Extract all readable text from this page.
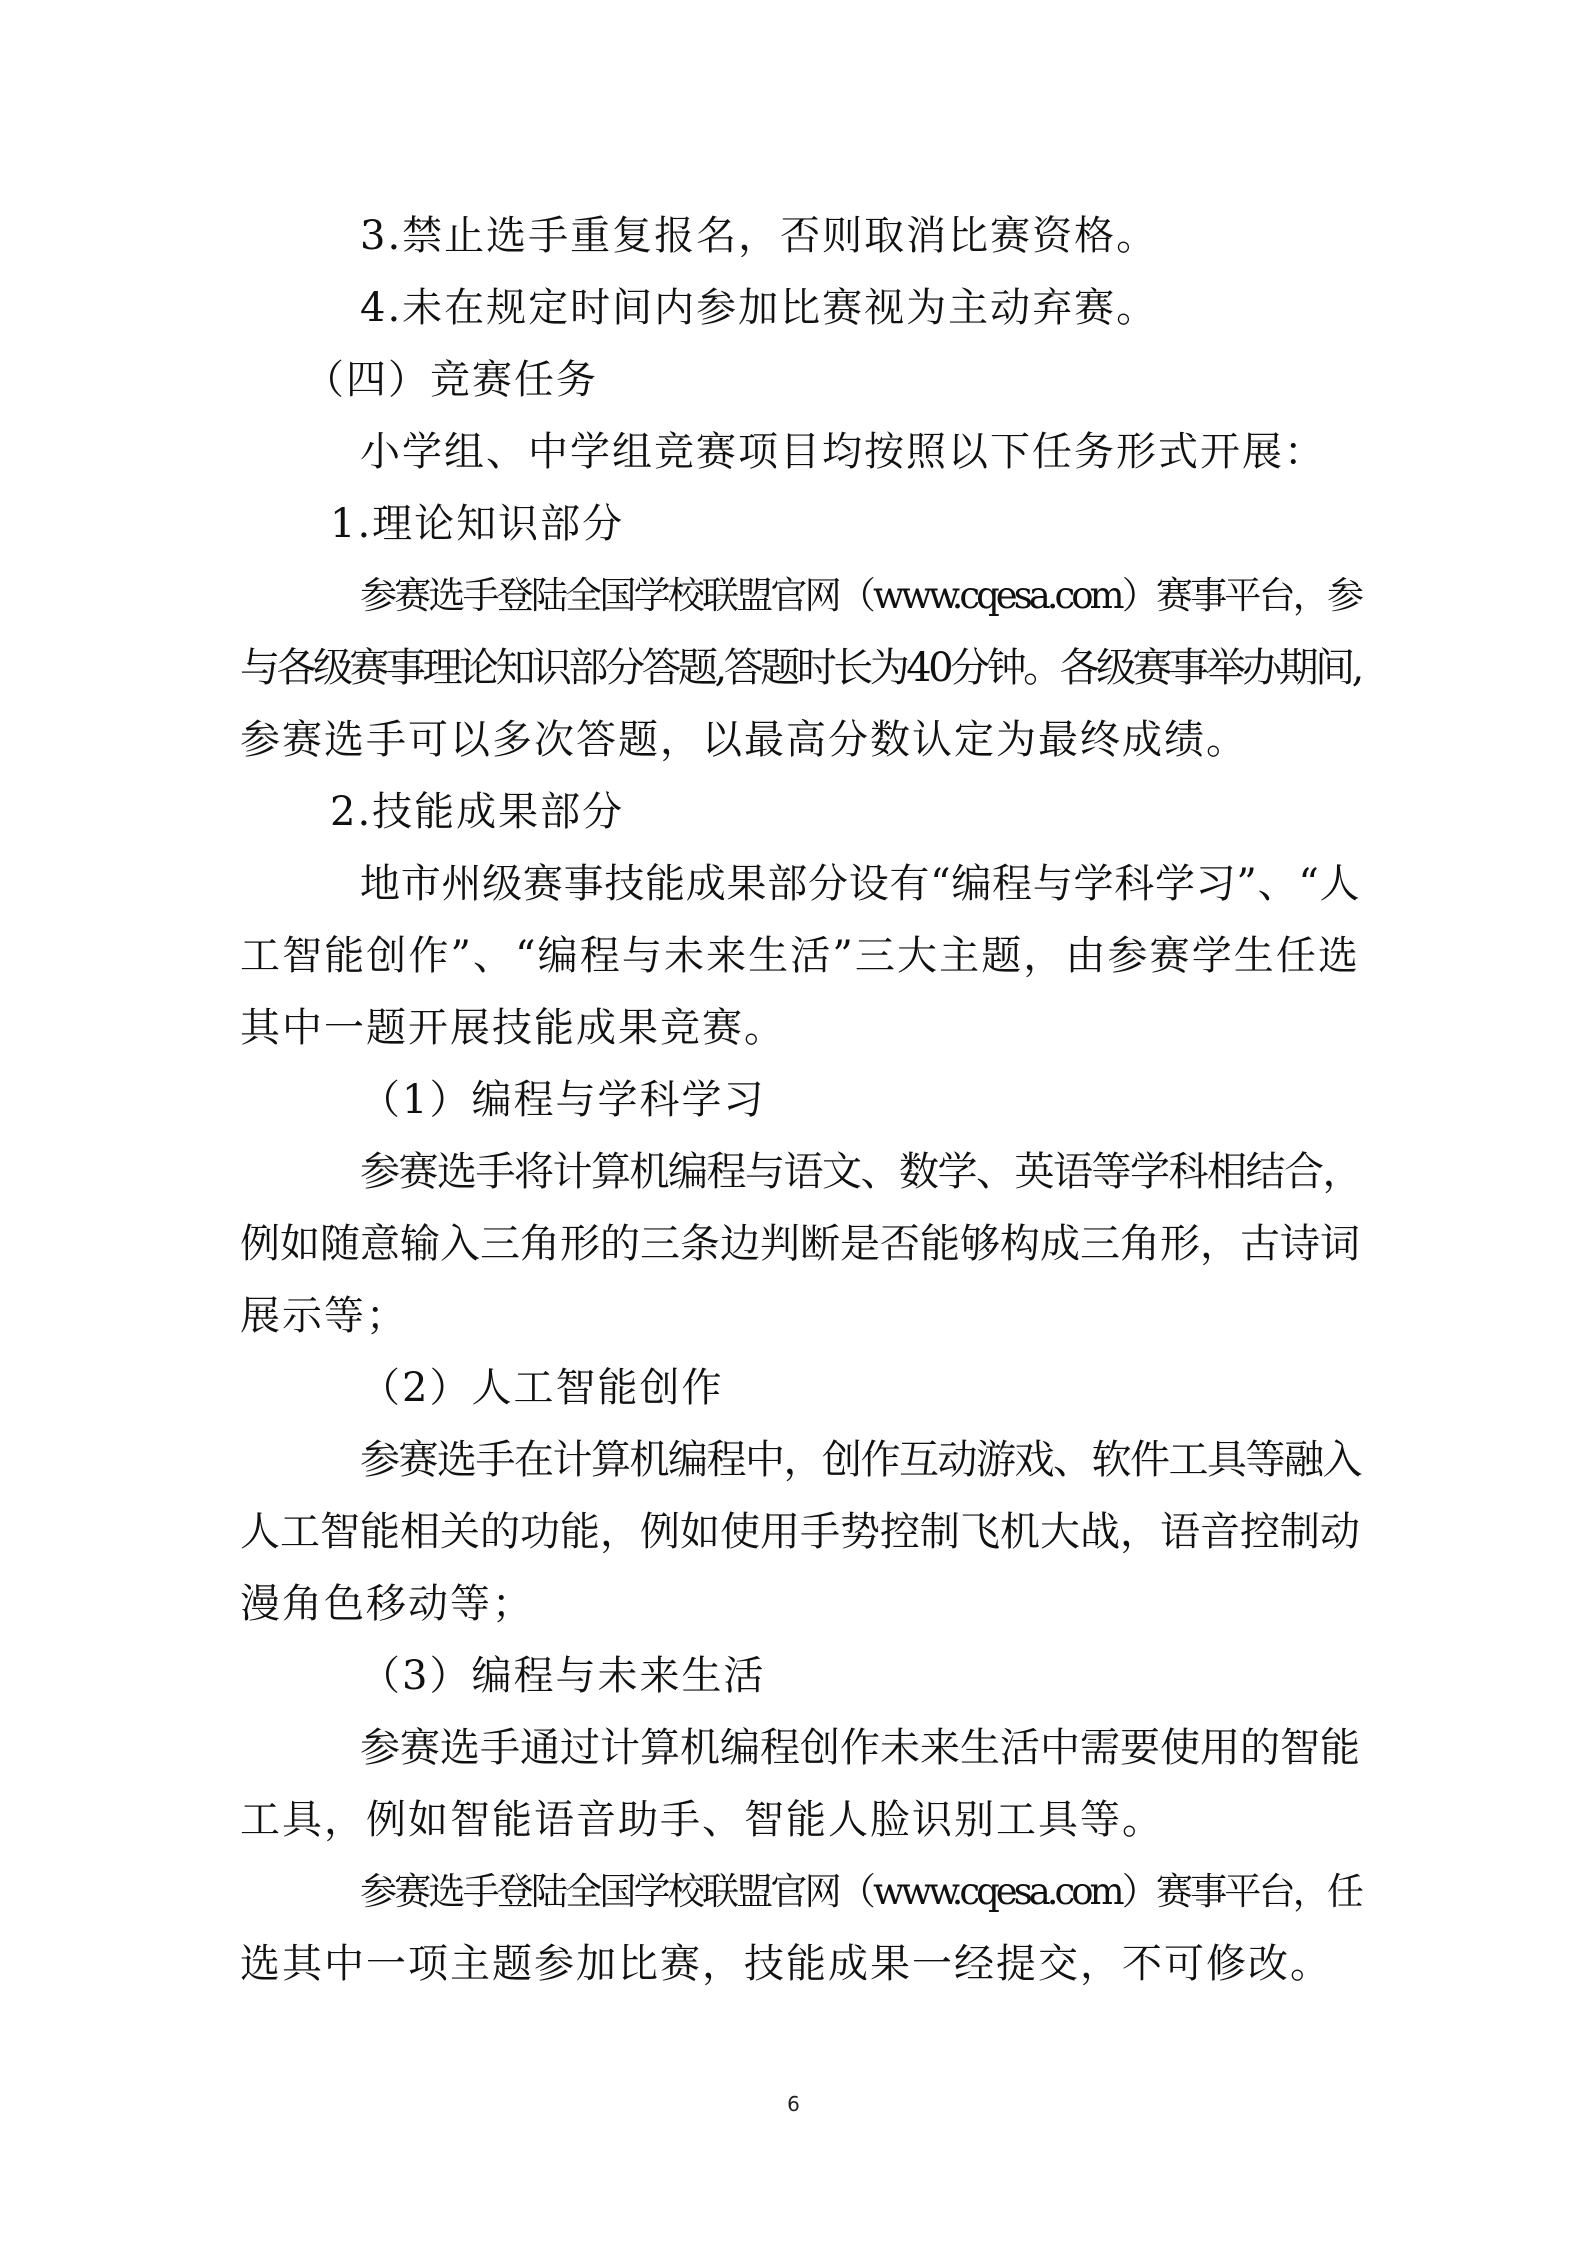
3.禁止选手重复报名，否则取消比赛资格。
4.未在规定时间内参加比赛视为主动弃赛。
（四）竞赛任务
小学组、中学组竞赛项目均按照以下任务形式开展：
1.理论知识部分
参赛选手登陆全国学校联盟官网（www.cqesa.com）赛事平台，参
与各级赛事理论知识部分答题,答题时长为40分钟。各级赛事举办期间,
参赛选手可以多次答题，以最高分数认定为最终成绩。
2.技能成果部分
地市州级赛事技能成果部分设有“编程与学科学习”、“人
工智能创作”、“编程与未来生活”三大主题，由参赛学生任选
其中一题开展技能成果竞赛。
（1）编程与学科学习
参赛选手将计算机编程与语文、数学、英语等学科相结合，
例如随意输入三角形的三条边判断是否能够构成三角形，古诗词
展示等；
（2）人工智能创作
参赛选手在计算机编程中，创作互动游戏、软件工具等融入
人工智能相关的功能，例如使用手势控制飞机大战，语音控制动
漫角色移动等；
（3）编程与未来生活
参赛选手通过计算机编程创作未来生活中需要使用的智能
工具，例如智能语音助手、智能人脸识别工具等。
参赛选手登陆全国学校联盟官网（www.cqesa.com）赛事平台，任
选其中一项主题参加比赛，技能成果一经提交，不可修改。
6
